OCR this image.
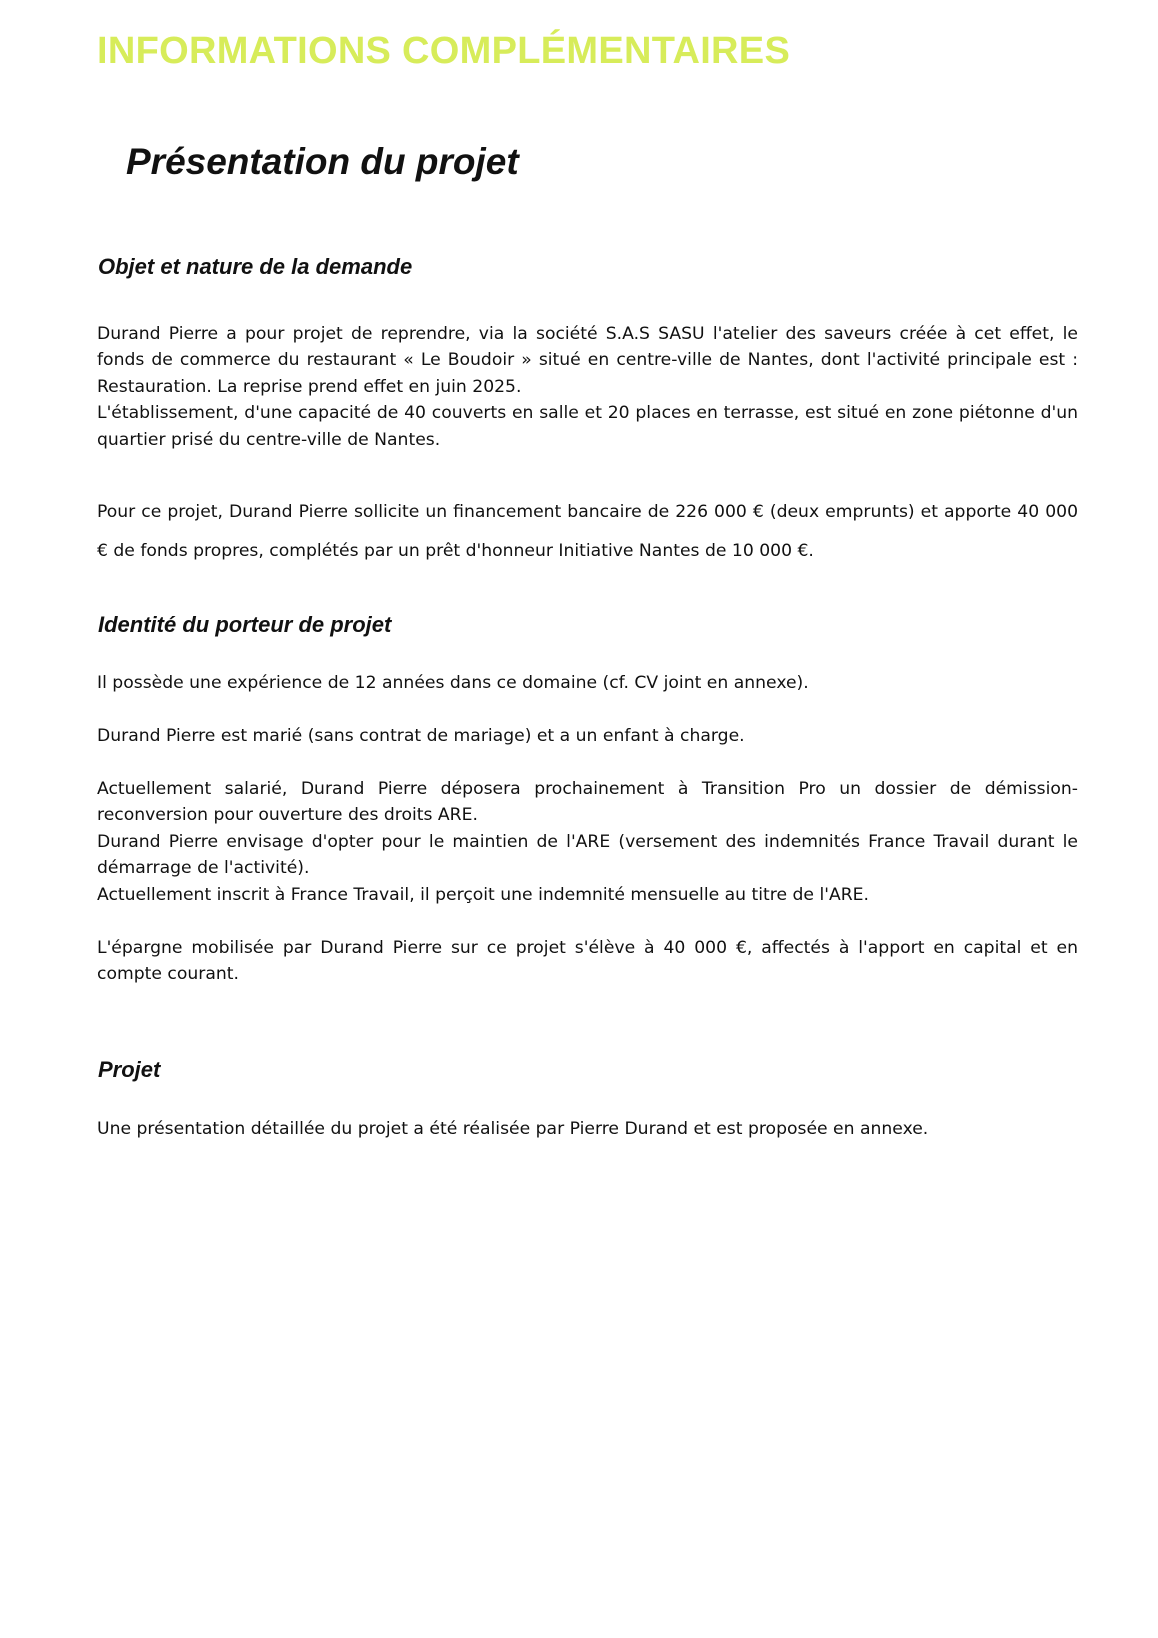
INFORMATIONS COMPLÉMENTAIRES
Présentation du projet
Objet et nature de la demande
Durand Pierre a pour projet de reprendre, via la société S.A.S SASU l'atelier des saveurs créée à cet effet, le fonds de commerce du restaurant « Le Boudoir » situé en centre-ville de Nantes, dont l'activité principale est : Restauration. La reprise prend effet en juin 2025.
L'établissement, d'une capacité de 40 couverts en salle et 20 places en terrasse, est situé en zone piétonne d'un quartier prisé du centre-ville de Nantes.
Pour ce projet, Durand Pierre sollicite un financement bancaire de 226 000 € (deux emprunts) et apporte 40 000 € de fonds propres, complétés par un prêt d'honneur Initiative Nantes de 10 000 €.
Identité du porteur de projet
Il possède une expérience de 12 années dans ce domaine (cf. CV joint en annexe).
Durand Pierre est marié (sans contrat de mariage) et a un enfant à charge.
Actuellement salarié, Durand Pierre déposera prochainement à Transition Pro un dossier de démission-reconversion pour ouverture des droits ARE.
Durand Pierre envisage d'opter pour le maintien de l'ARE (versement des indemnités France Travail durant le démarrage de l'activité).
Actuellement inscrit à France Travail, il perçoit une indemnité mensuelle au titre de l'ARE.
L'épargne mobilisée par Durand Pierre sur ce projet s'élève à 40 000 €, affectés à l'apport en capital et en compte courant.
Projet
Une présentation détaillée du projet a été réalisée par Pierre Durand et est proposée en annexe.
